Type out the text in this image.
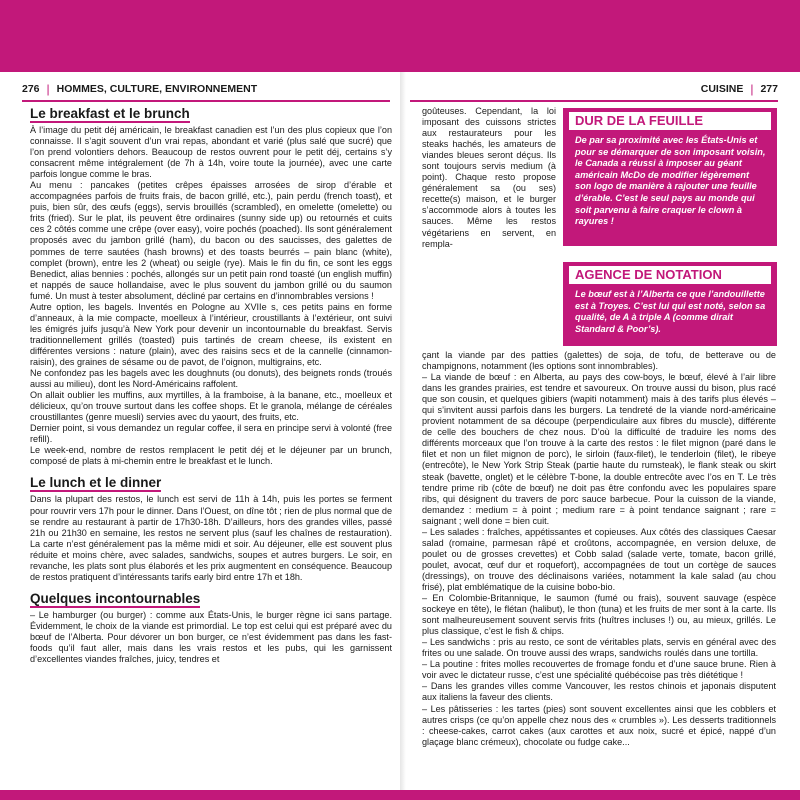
276 | HOMMES, CULTURE, ENVIRONNEMENT	CUISINE | 277
Le breakfast et le brunch

À l’image du petit déj américain, le breakfast canadien est l’un des plus copieux que l’on connaisse. Il s’agit souvent d’un vrai repas, abondant et varié (plus salé que sucré) que l’on prend volontiers dehors. Beaucoup de restos ouvrent pour le petit déj, certains s’y consacrent même intégralement (de 7h à 14h, voire toute la journée), avec une carte parfois longue comme le bras.

Au menu : pancakes (petites crêpes épaisses arrosées de sirop d’érable et accompagnées parfois de fruits frais, de bacon grillé, etc.), pain perdu (french toast), et puis, bien sûr, des œufs (eggs), servis brouillés (scrambled), en omelette (omelette) ou frits (fried). Sur le plat, ils peuvent être ordinaires (sunny side up) ou retournés et cuits ces 2 côtés comme une crêpe (over easy), voire pochés (poached). Ils sont généralement proposés avec du jambon grillé (ham), du bacon ou des saucisses, des galettes de pommes de terre sautées (hash browns) et des toasts beurrés – pain blanc (white), complet (brown), entre les 2 (wheat) ou seigle (rye). Mais le fin du fin, ce sont les eggs Benedict, alias bennies : pochés, allongés sur un petit pain rond toasté (un english muffin) et nappés de sauce hollandaise, avec le plus souvent du jambon grillé ou du saumon fumé. Un must à tester absolument, décliné par certains en d’innombrables versions !

Autre option, les bagels. Inventés en Pologne au XVIIe s, ces petits pains en forme d’anneaux, à la mie compacte, moelleux à l’intérieur, croustillants à l’extérieur, ont suivi les émigrés juifs jusqu’à New York pour devenir un incontournable du breakfast. Servis traditionnellement grillés (toasted) puis tartinés de cream cheese, ils existent en différentes versions : nature (plain), avec des raisins secs et de la cannelle (cinnamon-raisin), des graines de sésame ou de pavot, de l’oignon, multigrains, etc.

Ne confondez pas les bagels avec les doughnuts (ou donuts), des beignets ronds (troués aussi au milieu), dont les Nord-Américains raffolent.

On allait oublier les muffins, aux myrtilles, à la framboise, à la banane, etc., moelleux et délicieux, qu’on trouve surtout dans les coffee shops. Et le granola, mélange de céréales croustillantes (genre muesli) servies avec du yaourt, des fruits, etc.

Dernier point, si vous demandez un regular coffee, il sera en principe servi à volonté (free refill).

Le week-end, nombre de restos remplacent le petit déj et le déjeuner par un brunch, composé de plats à mi-chemin entre le breakfast et le lunch.

Le lunch et le dinner

Dans la plupart des restos, le lunch est servi de 11h à 14h, puis les portes se ferment pour rouvrir vers 17h pour le dinner. Dans l’Ouest, on dîne tôt ; rien de plus normal que de se rendre au restaurant à partir de 17h30-18h. D’ailleurs, hors des grandes villes, passé 21h ou 21h30 en semaine, les restos ne servent plus (sauf les chaînes de restauration). La carte n’est généralement pas la même midi et soir. Au déjeuner, elle est souvent plus réduite et moins chère, avec salades, sandwichs, soupes et autres burgers. Le soir, en revanche, les plats sont plus élaborés et les prix augmentent en conséquence. Beaucoup de restos pratiquent d’intéressants tarifs early bird entre 17h et 18h.

Quelques incontournables

– Le hamburger (ou burger) : comme aux États-Unis, le burger règne ici sans partage. Évidemment, le choix de la viande est primordial. Le top est celui qui est préparé avec du bœuf de l’Alberta. Pour dévorer un bon burger, ce n’est évidemment pas dans les fast-foods qu’il faut aller, mais dans les vrais restos et les pubs, qui les garnissent d’excellentes viandes fraîches, juicy, tendres et

goûteuses. Cependant, la loi imposant des cuissons strictes aux restaurateurs pour les steaks hachés, les amateurs de viandes bleues seront déçus. Ils sont toujours servis medium (à point). Chaque resto propose généralement sa (ou ses) recette(s) maison, et le burger s’accommode alors à toutes les sauces. Même les restos végétariens en servent, en rempla-

DUR DE LA FEUILLE
De par sa proximité avec les États-Unis et pour se démarquer de son imposant voisin, le Canada a réussi à imposer au géant américain McDo de modifier légèrement son logo de manière à rajouter une feuille d’érable. C’est le seul pays au monde qui soit parvenu à faire craquer le clown à rayures !
AGENCE DE NOTATION
Le bœuf est à l’Alberta ce que l’andouillette est à Troyes. C’est lui qui est noté, selon sa qualité, de A à triple A (comme dirait Standard & Poor’s).

çant la viande par des patties (galettes) de soja, de tofu, de betterave ou de champignons, notamment (les options sont innombrables).

– La viande de bœuf : en Alberta, au pays des cow-boys, le bœuf, élevé à l’air libre dans les grandes prairies, est tendre et savoureux. On trouve aussi du bison, plus racé que son cousin, et quelques gibiers (wapiti notamment) mais à des tarifs plus élevés – qui s’invitent aussi parfois dans les burgers. La tendreté de la viande nord-américaine provient notamment de sa découpe (perpendiculaire aux fibres du muscle), différente de celle des bouchers de chez nous. D’où la difficulté de traduire les noms des différents morceaux que l’on trouve à la carte des restos : le filet mignon (paré dans le filet et non un filet mignon de porc), le sirloin (faux-filet), le tenderloin (filet), le ribeye (entrecôte), le New York Strip Steak (partie haute du rumsteak), le flank steak ou skirt steak (bavette, onglet) et le célèbre T-bone, la double entrecôte avec l’os en T. Le très tendre prime rib (côte de bœuf) ne doit pas être confondu avec les populaires spare ribs, qui désignent du travers de porc sauce barbecue. Pour la cuisson de la viande, demandez : medium = à point ; medium rare = à point tendance saignant ; rare = saignant ; well done = bien cuit.

– Les salades : fraîches, appétissantes et copieuses. Aux côtés des classiques Caesar salad (romaine, parmesan râpé et croûtons, accompagnée, en version deluxe, de poulet ou de grosses crevettes) et Cobb salad (salade verte, tomate, bacon grillé, poulet, avocat, œuf dur et roquefort), accompagnées de tout un cortège de sauces (dressings), on trouve des déclinaisons variées, notamment la kale salad (au chou frisé), plat emblématique de la cuisine bobo-bio.

– En Colombie-Britannique, le saumon (fumé ou frais), souvent sauvage (espèce sockeye en tête), le flétan (halibut), le thon (tuna) et les fruits de mer sont à la carte. Ils sont malheureusement souvent servis frits (huîtres incluses !) ou, au mieux, grillés. Le plus classique, c’est le fish & chips.

– Les sandwichs : pris au resto, ce sont de véritables plats, servis en général avec des frites ou une salade. On trouve aussi des wraps, sandwichs roulés dans une tortilla.

– La poutine : frites molles recouvertes de fromage fondu et d’une sauce brune. Rien à voir avec le dictateur russe, c’est une spécialité québécoise pas très diététique !

– Dans les grandes villes comme Vancouver, les restos chinois et japonais disputent aux italiens la faveur des clients.

– Les pâtisseries : les tartes (pies) sont souvent excellentes ainsi que les cobblers et autres crisps (ce qu’on appelle chez nous des « crumbles »). Les desserts traditionnels : cheese-cakes, carrot cakes (aux carottes et aux noix, sucré et épicé, nappé d’un glaçage blanc crémeux), chocolate ou fudge cake...
